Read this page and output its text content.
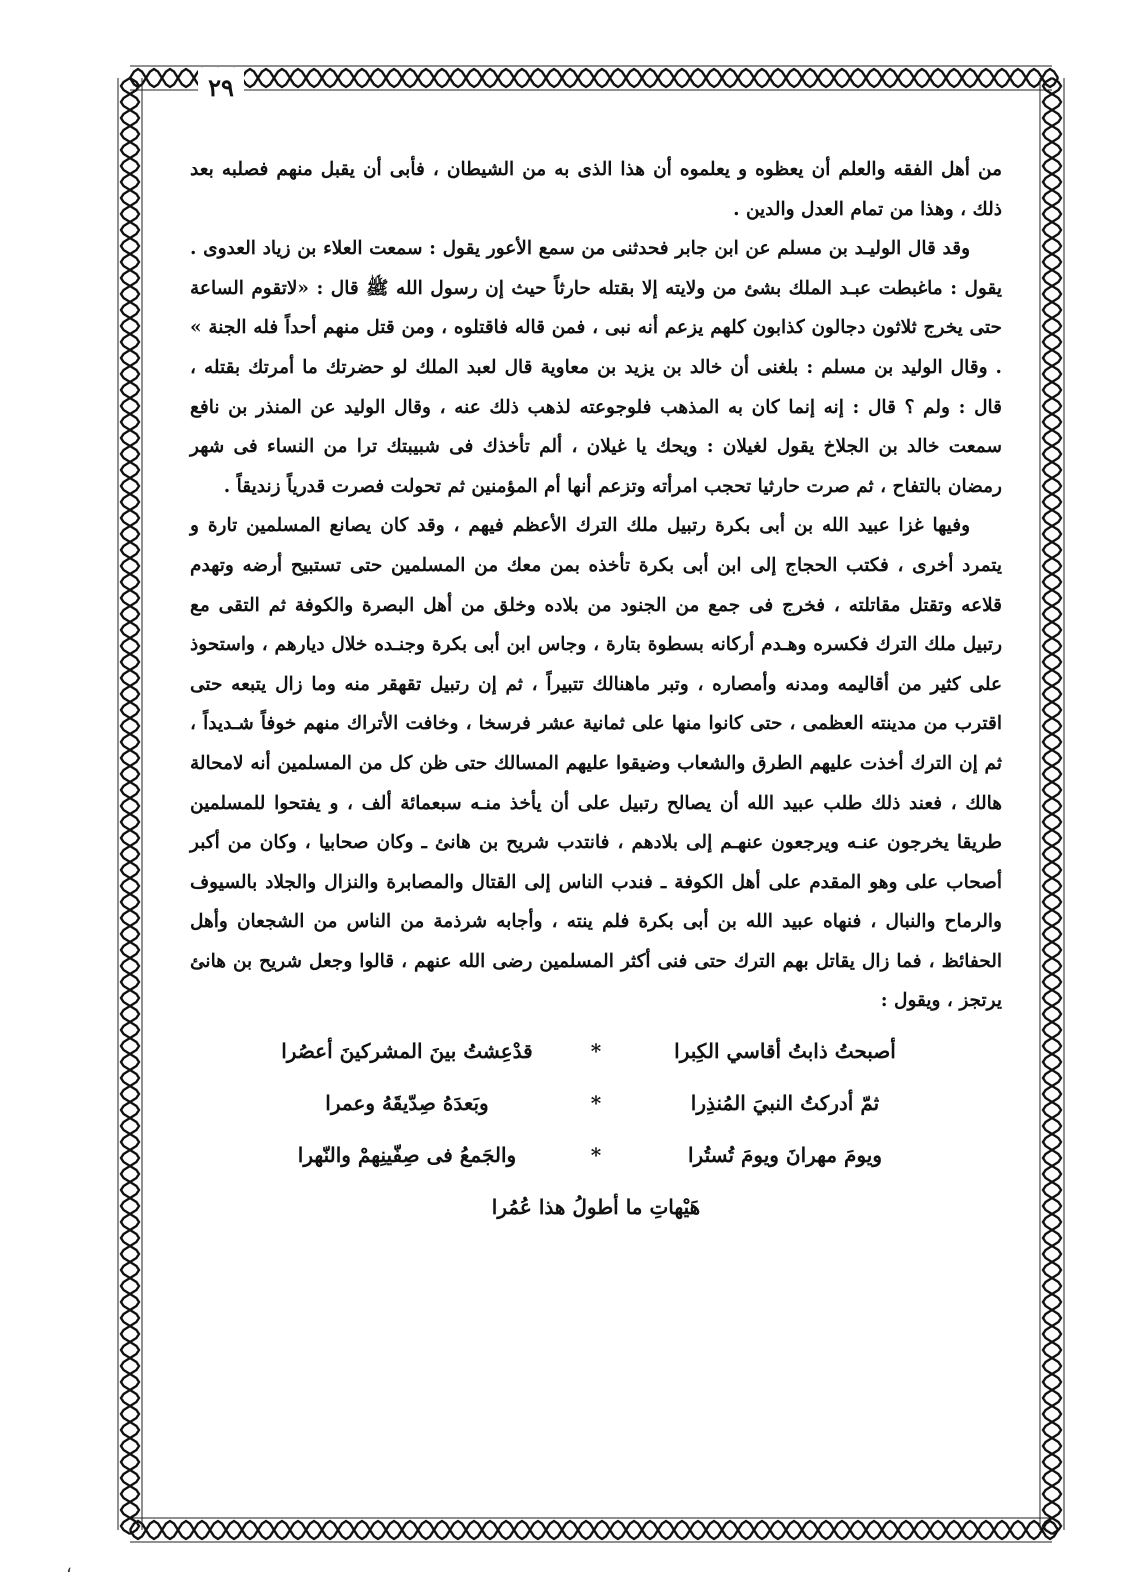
٢٩

من أهل الفقه والعلم أن يعظوه و يعلموه أن هذا الذى به من الشيطان ، فأبى أن يقبل منهم فصلبه بعد ذلك ، وهذا من تمام العدل والدين .

وقد قال الوليـد بن مسلم عن ابن جابر فحدثنى من سمع الأعور يقول : سمعت العلاء بن زياد العدوى . يقول : ماغبطت عبـد الملك بشئ من ولايته إلا بقتله حارثاً حيث إن رسول الله ﷺ قال : «لاتقوم الساعة حتى يخرج ثلاثون دجالون كذابون كلهم يزعم أنه نبى ، فمن قاله فاقتلوه ، ومن قتل منهم أحداً فله الجنة » . وقال الوليد بن مسلم : بلغنى أن خالد بن يزيد بن معاوية قال لعبد الملك لو حضرتك ما أمرتك بقتله ، قال : ولم ؟ قال : إنه إنما كان به المذهب فلوجوعته لذهب ذلك عنه ، وقال الوليد عن المنذر بن نافع سمعت خالد بن الجلاخ يقول لغيلان : ويحك يا غيلان ، ألم تأخذك فى شبيبتك ترا من النساء فى شهر رمضان بالتفاح ، ثم صرت حارثيا تحجب امرأته وتزعم أنها أم المؤمنين ثم تحولت فصرت قدرياً زنديقاً .

وفيها غزا عبيد الله بن أبى بكرة رتبيل ملك الترك الأعظم فيهم ، وقد كان يصانع المسلمين تارة و يتمرد أخرى ، فكتب الحجاج إلى ابن أبى بكرة تأخذه بمن معك من المسلمين حتى تستبيح أرضه وتهدم قلاعه وتقتل مقاتلته ، فخرج فى جمع من الجنود من بلاده وخلق من أهل البصرة والكوفة ثم التقى مع رتبيل ملك الترك فكسره وهـدم أركانه بسطوة بتارة ، وجاس ابن أبى بكرة وجنـده خلال ديارهم ، واستحوذ على كثير من أقاليمه ومدنه وأمصاره ، وتبر ماهنالك تتبيراً ، ثم إن رتبيل تقهقر منه وما زال يتبعه حتى اقترب من مدينته العظمى ، حتى كانوا منها على ثمانية عشر فرسخا ، وخافت الأتراك منهم خوفاً شـديداً ، ثم إن الترك أخذت عليهم الطرق والشعاب وضيقوا عليهم المسالك حتى ظن كل من المسلمين أنه لامحالة هالك ، فعند ذلك طلب عبيد الله أن يصالح رتبيل على أن يأخذ منـه سبعمائة ألف ، و يفتحوا للمسلمين طريقا يخرجون عنـه ويرجعون عنهـم إلى بلادهم ، فانتدب شريح بن هانئ ـ وكان صحابيا ، وكان من أكبر أصحاب على وهو المقدم على أهل الكوفة ـ فندب الناس إلى القتال والمصابرة والنزال والجلاد بالسيوف والرماح والنبال ، فنهاه عبيد الله بن أبى بكرة فلم ينته ، وأجابه شرذمة من الناس من الشجعان وأهل الحفائظ ، فما زال يقاتل بهم الترك حتى فنى أكثر المسلمين رضى الله عنهم ، قالوا وجعل شريح بن هانئ يرتجز ، ويقول :

أصبحتُ ذابتُ أقاسي الكِبرا
*
قدْعِشتُ بينَ المشركينَ أعصُرا
ثمّ أدركتُ النبيَ المُنذِرا
*
وبَعدَهُ صِدّيقَهُ وعمرا
ويومَ مهرانَ ويومَ تُستُرا
*
والجَمعُ فى صِفّينِهمْ والنّهرا
هَيْهاتِ ما أطولُ هذا عُمُرا
،
